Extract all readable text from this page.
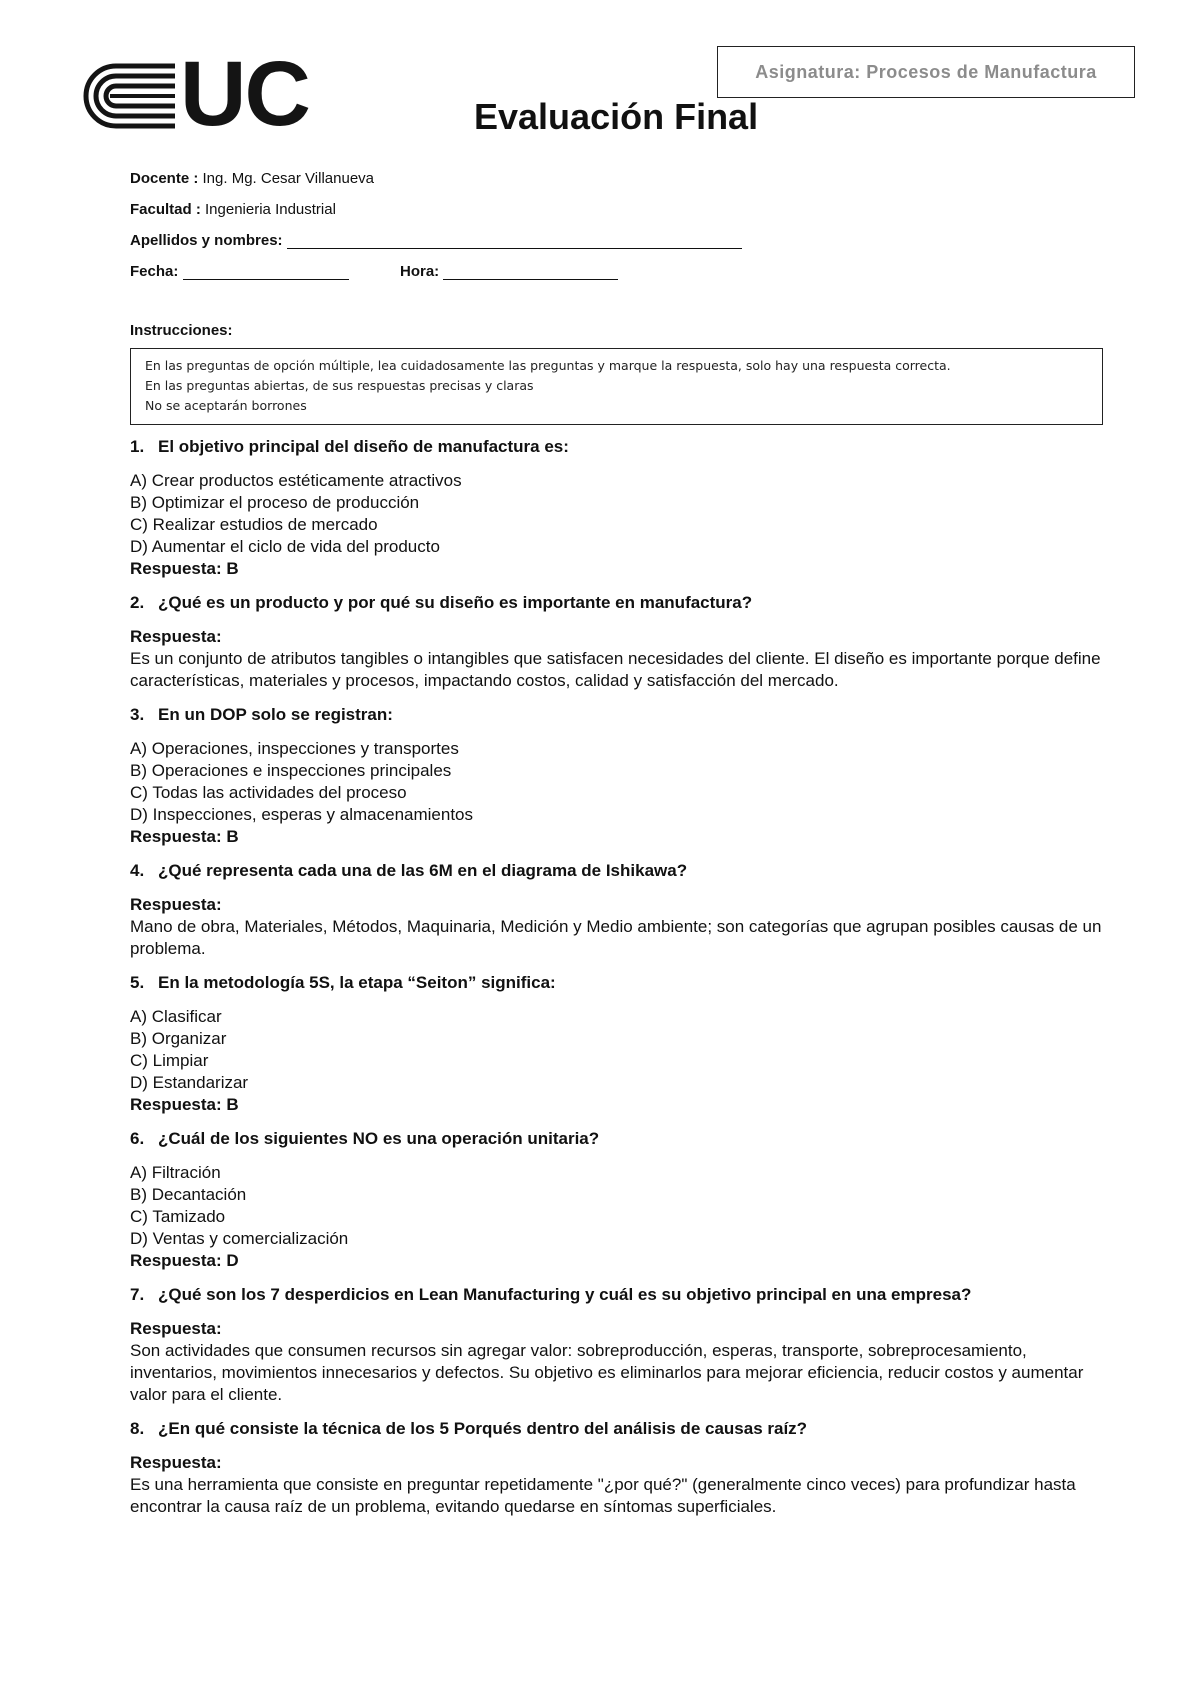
UC	Asignatura: Procesos de Manufactura
Evaluación Final
Docente : Ing. Mg. Cesar Villanueva
Facultad : Ingenieria Industrial
Apellidos y nombres:
Fecha:	Hora:
Instrucciones:
En las preguntas de opción múltiple, lea cuidadosamente las preguntas y marque la respuesta, solo hay una respuesta correcta.
En las preguntas abiertas, de sus respuestas precisas y claras
No se aceptarán borrones

1. El objetivo principal del diseño de manufactura es:

A) Crear productos estéticamente atractivos

B) Optimizar el proceso de producción

C) Realizar estudios de mercado

D) Aumentar el ciclo de vida del producto

Respuesta: B

2. ¿Qué es un producto y por qué su diseño es importante en manufactura?

Respuesta:

Es un conjunto de atributos tangibles o intangibles que satisfacen necesidades del cliente. El diseño es importante porque define características, materiales y procesos, impactando costos, calidad y satisfacción del mercado.

3. En un DOP solo se registran:

A) Operaciones, inspecciones y transportes

B) Operaciones e inspecciones principales

C) Todas las actividades del proceso

D) Inspecciones, esperas y almacenamientos

Respuesta: B

4. ¿Qué representa cada una de las 6M en el diagrama de Ishikawa?

Respuesta:

Mano de obra, Materiales, Métodos, Maquinaria, Medición y Medio ambiente; son categorías que agrupan posibles causas de un problema.

5. En la metodología 5S, la etapa “Seiton” significa:

A) Clasificar

B) Organizar

C) Limpiar

D) Estandarizar

Respuesta: B

6. ¿Cuál de los siguientes NO es una operación unitaria?

A) Filtración

B) Decantación

C) Tamizado

D) Ventas y comercialización

Respuesta: D

7. ¿Qué son los 7 desperdicios en Lean Manufacturing y cuál es su objetivo principal en una empresa?

Respuesta:

Son actividades que consumen recursos sin agregar valor: sobreproducción, esperas, transporte, sobreprocesamiento, inventarios, movimientos innecesarios y defectos. Su objetivo es eliminarlos para mejorar eficiencia, reducir costos y aumentar valor para el cliente.

8. ¿En qué consiste la técnica de los 5 Porqués dentro del análisis de causas raíz?

Respuesta:

Es una herramienta que consiste en preguntar repetidamente "¿por qué?" (generalmente cinco veces) para profundizar hasta encontrar la causa raíz de un problema, evitando quedarse en síntomas superficiales.
